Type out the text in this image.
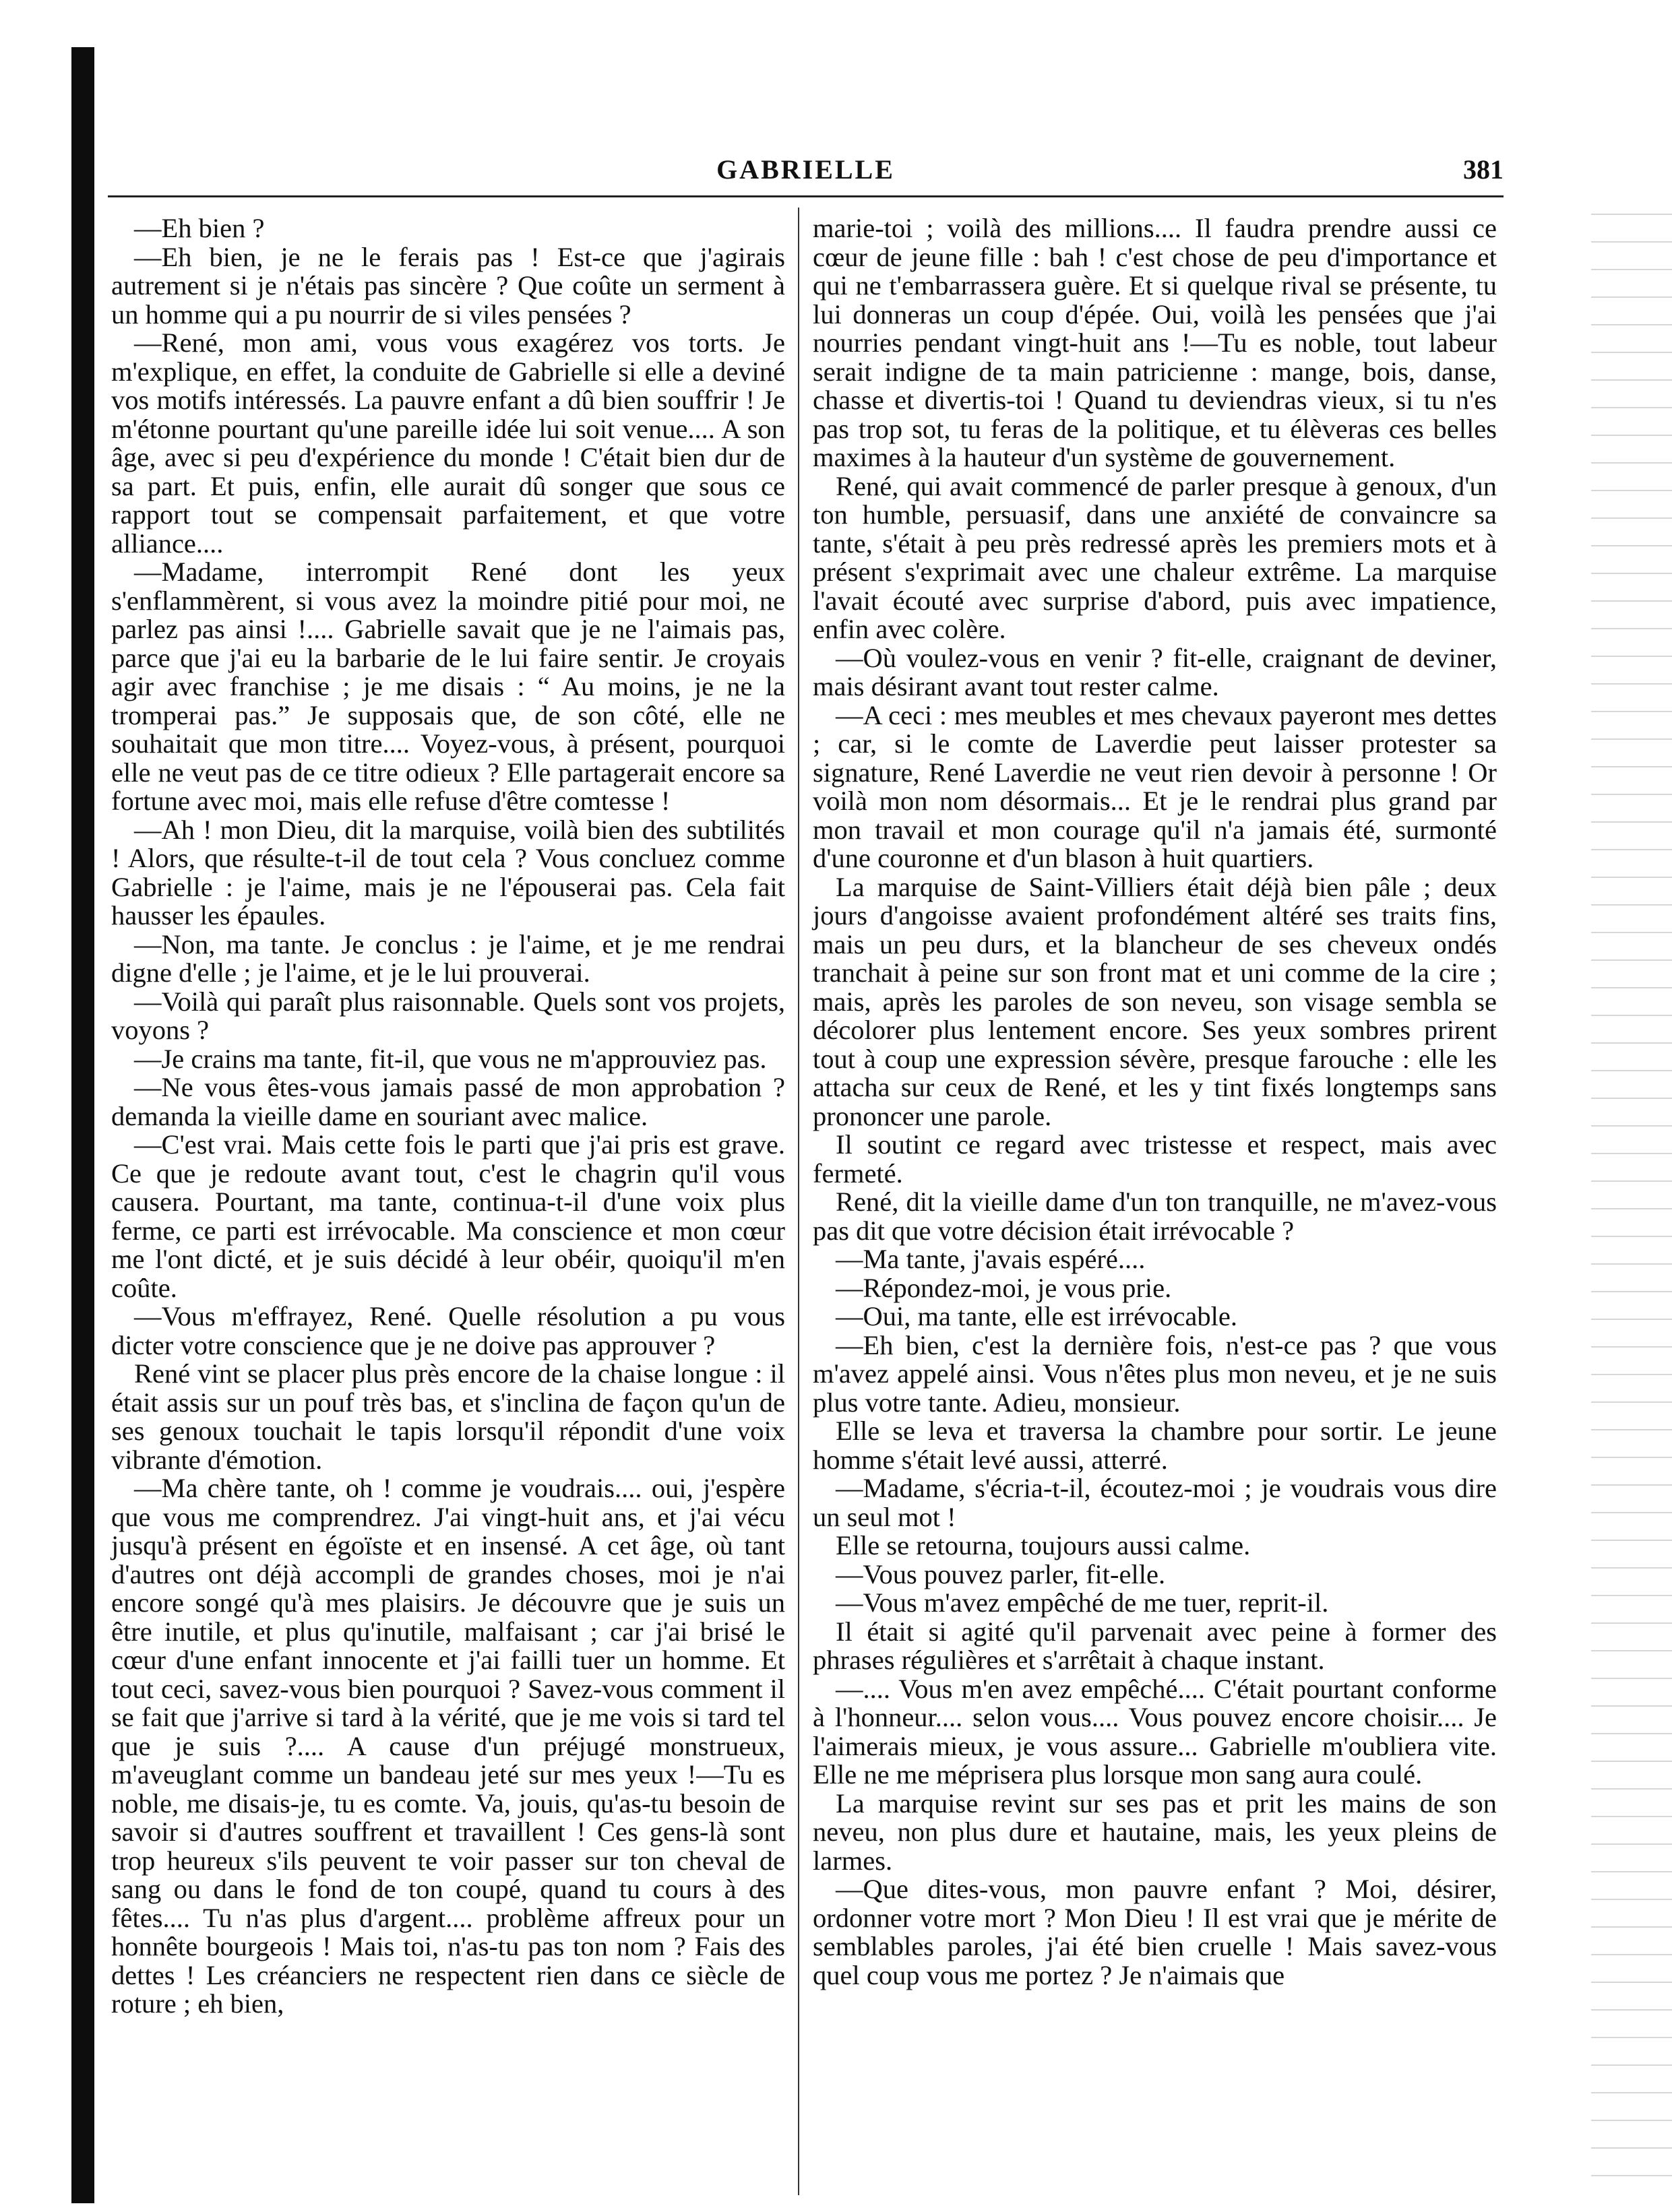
GABRIELLE	381

—Eh bien ?

—Eh bien, je ne le ferais pas ! Est-ce que j'agirais autrement si je n'étais pas sincère ? Que coûte un serment à un homme qui a pu nourrir de si viles pensées ?

—René, mon ami, vous vous exagérez vos torts. Je m'explique, en effet, la conduite de Gabrielle si elle a deviné vos motifs intéressés. La pauvre enfant a dû bien souffrir ! Je m'étonne pourtant qu'une pareille idée lui soit venue.... A son âge, avec si peu d'expérience du monde ! C'était bien dur de sa part. Et puis, enfin, elle aurait dû songer que sous ce rapport tout se compensait parfaitement, et que votre alliance....

—Madame, interrompit René dont les yeux s'enflammèrent, si vous avez la moindre pitié pour moi, ne parlez pas ainsi !.... Gabrielle savait que je ne l'aimais pas, parce que j'ai eu la barbarie de le lui faire sentir. Je croyais agir avec franchise ; je me disais : “ Au moins, je ne la tromperai pas.” Je supposais que, de son côté, elle ne souhaitait que mon titre.... Voyez-vous, à présent, pourquoi elle ne veut pas de ce titre odieux ? Elle partagerait encore sa fortune avec moi, mais elle refuse d'être comtesse !

—Ah ! mon Dieu, dit la marquise, voilà bien des subtilités ! Alors, que résulte-t-il de tout cela ? Vous concluez comme Gabrielle : je l'aime, mais je ne l'épouserai pas. Cela fait hausser les épaules.

—Non, ma tante. Je conclus : je l'aime, et je me rendrai digne d'elle ; je l'aime, et je le lui prouverai.

—Voilà qui paraît plus raisonnable. Quels sont vos projets, voyons ?

—Je crains ma tante, fit-il, que vous ne m'approuviez pas.

—Ne vous êtes-vous jamais passé de mon approbation ? demanda la vieille dame en souriant avec malice.

—C'est vrai. Mais cette fois le parti que j'ai pris est grave. Ce que je redoute avant tout, c'est le chagrin qu'il vous causera. Pourtant, ma tante, continua-t-il d'une voix plus ferme, ce parti est irrévocable. Ma conscience et mon cœur me l'ont dicté, et je suis décidé à leur obéir, quoiqu'il m'en coûte.

—Vous m'effrayez, René. Quelle résolution a pu vous dicter votre conscience que je ne doive pas approuver ?

René vint se placer plus près encore de la chaise longue : il était assis sur un pouf très bas, et s'inclina de façon qu'un de ses genoux touchait le tapis lorsqu'il répondit d'une voix vibrante d'émotion.

—Ma chère tante, oh ! comme je voudrais.... oui, j'espère que vous me comprendrez. J'ai vingt-huit ans, et j'ai vécu jusqu'à présent en égoïste et en insensé. A cet âge, où tant d'autres ont déjà accompli de grandes choses, moi je n'ai encore songé qu'à mes plaisirs. Je découvre que je suis un être inutile, et plus qu'inutile, malfaisant ; car j'ai brisé le cœur d'une enfant innocente et j'ai failli tuer un homme. Et tout ceci, savez-vous bien pourquoi ? Savez-vous comment il se fait que j'arrive si tard à la vérité, que je me vois si tard tel que je suis ?.... A cause d'un préjugé monstrueux, m'aveuglant comme un bandeau jeté sur mes yeux !—Tu es noble, me disais-je, tu es comte. Va, jouis, qu'as-tu besoin de savoir si d'autres souffrent et travaillent ! Ces gens-là sont trop heureux s'ils peuvent te voir passer sur ton cheval de sang ou dans le fond de ton coupé, quand tu cours à des fêtes.... Tu n'as plus d'argent.... problème affreux pour un honnête bourgeois ! Mais toi, n'as-tu pas ton nom ? Fais des dettes ! Les créanciers ne respectent rien dans ce siècle de roture ; eh bien,

marie-toi ; voilà des millions.... Il faudra prendre aussi ce cœur de jeune fille : bah ! c'est chose de peu d'importance et qui ne t'embarrassera guère. Et si quelque rival se présente, tu lui donneras un coup d'épée. Oui, voilà les pensées que j'ai nourries pendant vingt-huit ans !—Tu es noble, tout labeur serait indigne de ta main patricienne : mange, bois, danse, chasse et divertis-toi ! Quand tu deviendras vieux, si tu n'es pas trop sot, tu feras de la politique, et tu élèveras ces belles maximes à la hauteur d'un système de gouvernement.

René, qui avait commencé de parler presque à genoux, d'un ton humble, persuasif, dans une anxiété de convaincre sa tante, s'était à peu près redressé après les premiers mots et à présent s'exprimait avec une chaleur extrême. La marquise l'avait écouté avec surprise d'abord, puis avec impatience, enfin avec colère.

—Où voulez-vous en venir ? fit-elle, craignant de deviner, mais désirant avant tout rester calme.

—A ceci : mes meubles et mes chevaux payeront mes dettes ; car, si le comte de Laverdie peut laisser protester sa signature, René Laverdie ne veut rien devoir à personne ! Or voilà mon nom désormais... Et je le rendrai plus grand par mon travail et mon courage qu'il n'a jamais été, surmonté d'une couronne et d'un blason à huit quartiers.

La marquise de Saint-Villiers était déjà bien pâle ; deux jours d'angoisse avaient profondément altéré ses traits fins, mais un peu durs, et la blancheur de ses cheveux ondés tranchait à peine sur son front mat et uni comme de la cire ; mais, après les paroles de son neveu, son visage sembla se décolorer plus lentement encore. Ses yeux sombres prirent tout à coup une expression sévère, presque farouche : elle les attacha sur ceux de René, et les y tint fixés longtemps sans prononcer une parole.

Il soutint ce regard avec tristesse et respect, mais avec fermeté.

René, dit la vieille dame d'un ton tranquille, ne m'avez-vous pas dit que votre décision était irrévocable ?

—Ma tante, j'avais espéré....

—Répondez-moi, je vous prie.

—Oui, ma tante, elle est irrévocable.

—Eh bien, c'est la dernière fois, n'est-ce pas ? que vous m'avez appelé ainsi. Vous n'êtes plus mon neveu, et je ne suis plus votre tante. Adieu, monsieur.

Elle se leva et traversa la chambre pour sortir. Le jeune homme s'était levé aussi, atterré.

—Madame, s'écria-t-il, écoutez-moi ; je voudrais vous dire un seul mot !

Elle se retourna, toujours aussi calme.

—Vous pouvez parler, fit-elle.

—Vous m'avez empêché de me tuer, reprit-il.

Il était si agité qu'il parvenait avec peine à former des phrases régulières et s'arrêtait à chaque instant.

—.... Vous m'en avez empêché.... C'était pourtant conforme à l'honneur.... selon vous.... Vous pouvez encore choisir.... Je l'aimerais mieux, je vous assure... Gabrielle m'oubliera vite. Elle ne me méprisera plus lorsque mon sang aura coulé.

La marquise revint sur ses pas et prit les mains de son neveu, non plus dure et hautaine, mais, les yeux pleins de larmes.

—Que dites-vous, mon pauvre enfant ? Moi, désirer, ordonner votre mort ? Mon Dieu ! Il est vrai que je mérite de semblables paroles, j'ai été bien cruelle ! Mais savez-vous quel coup vous me portez ? Je n'aimais que
